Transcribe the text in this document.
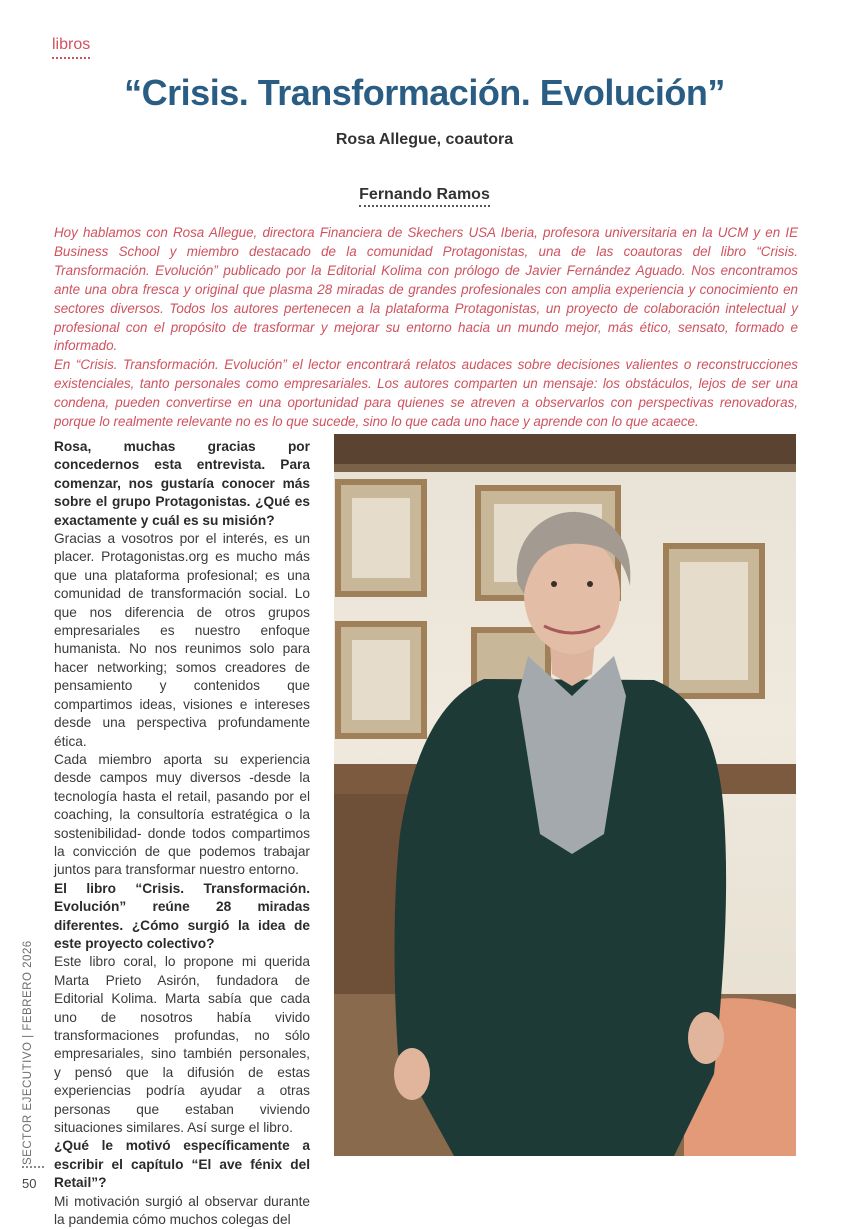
libros
“Crisis. Transformación. Evolución”
Rosa Allegue, coautora
Fernando Ramos

Hoy hablamos con Rosa Allegue, directora Financiera de Skechers USA Iberia, profesora universitaria en la UCM y en IE Business School y miembro destacado de la comunidad Protagonistas, una de las coautoras del libro “Crisis. Transformación. Evolución” publicado por la Editorial Kolima con prólogo de Javier Fernández Aguado. Nos encontramos ante una obra fresca y original que plasma 28 miradas de grandes profesionales con amplia experiencia y conocimiento en sectores diversos. Todos los autores pertenecen a la plataforma Protagonistas, un proyecto de colaboración intelectual y profesional con el propósito de trasformar y mejorar su entorno hacia un mundo mejor, más ético, sensato, formado e informado.

En “Crisis. Transformación. Evolución” el lector encontrará relatos audaces sobre decisiones valientes o reconstrucciones existenciales, tanto personales como empresariales. Los autores comparten un mensaje: los obstáculos, lejos de ser una condena, pueden convertirse en una oportunidad para quienes se atreven a observarlos con perspectivas renovadoras, porque lo realmente relevante no es lo que sucede, sino lo que cada uno hace y aprende con lo que acaece.

Rosa, muchas gracias por concedernos esta entrevista. Para comenzar, nos gustaría conocer más sobre el grupo Protagonistas. ¿Qué es exactamente y cuál es su misión?

Gracias a vosotros por el interés, es un placer. Protagonistas.org es mucho más que una plataforma profesional; es una comunidad de transformación social. Lo que nos diferencia de otros grupos empresariales es nuestro enfoque humanista. No nos reunimos solo para hacer networking; somos creadores de pensamiento y contenidos que compartimos ideas, visiones e intereses desde una perspectiva profundamente ética.

Cada miembro aporta su experiencia desde campos muy diversos -desde la tecnología hasta el retail, pasando por el coaching, la consultoría estratégica o la sostenibilidad- donde todos compartimos la convicción de que podemos trabajar juntos para transformar nuestro entorno.

El libro “Crisis. Transformación. Evolución” reúne 28 miradas diferentes. ¿Cómo surgió la idea de este proyecto colectivo?

Este libro coral, lo propone mi querida Marta Prieto Asirón, fundadora de Editorial Kolima. Marta sabía que cada uno de nosotros había vivido transformaciones profundas, no sólo empresariales, sino también personales, y pensó que la difusión de estas experiencias podría ayudar a otras personas que estaban viviendo situaciones similares. Así surge el libro.

¿Qué le motivó específicamente a escribir el capítulo “El ave fénix del Retail”?

Mi motivación surgió al observar durante la pandemia cómo muchos colegas del

SECTOR EJECUTIVO | FEBRERO 2026
50
